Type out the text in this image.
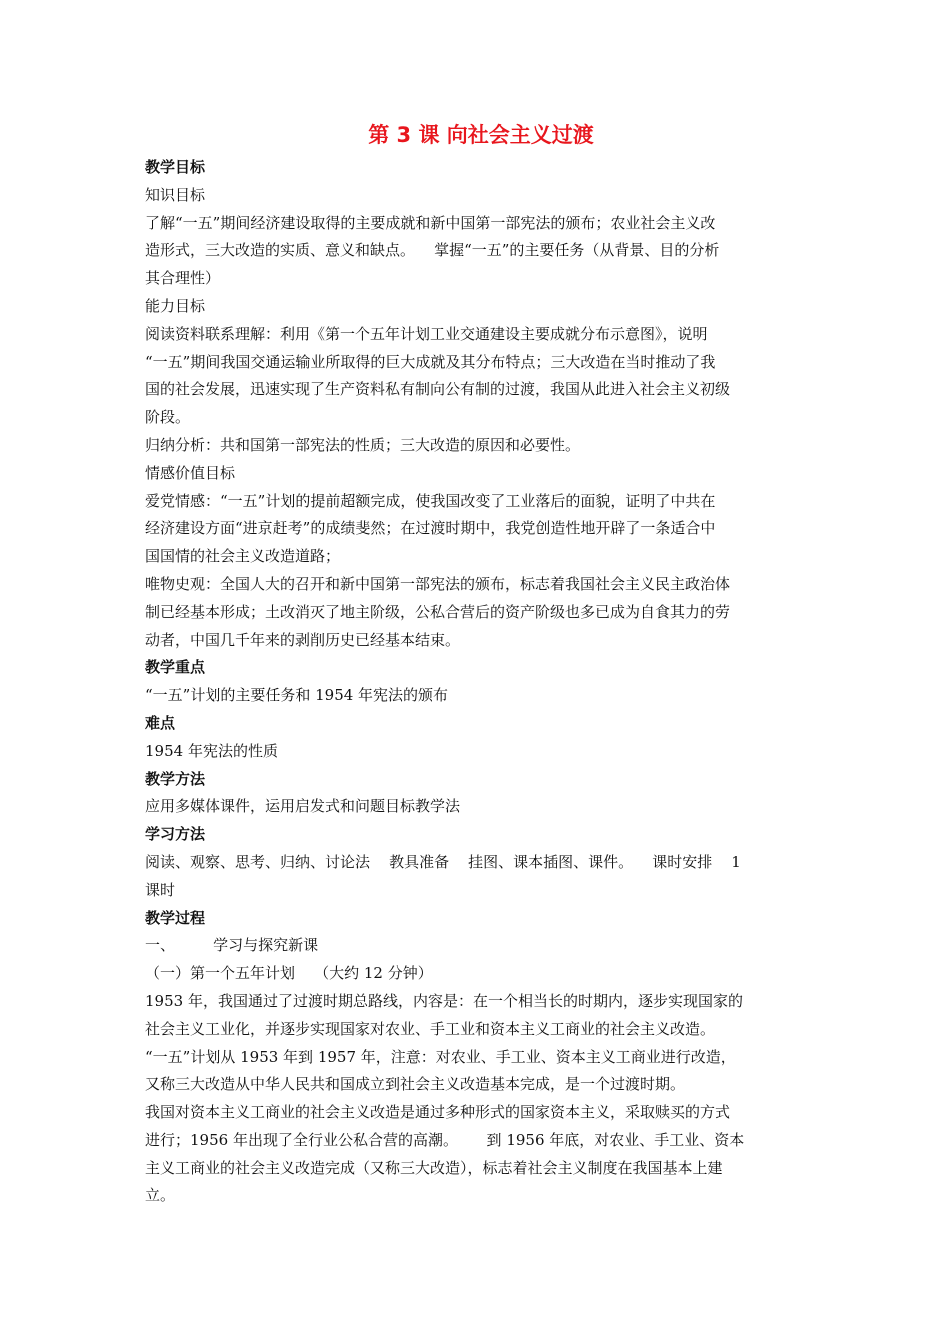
第 3 课 向社会主义过渡

教学目标

知识目标

了解“一五”期间经济建设取得的主要成就和新中国第一部宪法的颁布；农业社会主义改

造形式，三大改造的实质、意义和缺点。    掌握“一五”的主要任务（从背景、目的分析

其合理性）

能力目标

阅读资料联系理解：利用《第一个五年计划工业交通建设主要成就分布示意图》，说明

“一五”期间我国交通运输业所取得的巨大成就及其分布特点；三大改造在当时推动了我

国的社会发展，迅速实现了生产资料私有制向公有制的过渡，我国从此进入社会主义初级

阶段。

归纳分析：共和国第一部宪法的性质；三大改造的原因和必要性。

情感价值目标

爱党情感：“一五”计划的提前超额完成，使我国改变了工业落后的面貌，证明了中共在

经济建设方面“进京赶考”的成绩斐然；在过渡时期中，我党创造性地开辟了一条适合中

国国情的社会主义改造道路；

唯物史观：全国人大的召开和新中国第一部宪法的颁布，标志着我国社会主义民主政治体

制已经基本形成；土改消灭了地主阶级，公私合营后的资产阶级也多已成为自食其力的劳

动者，中国几千年来的剥削历史已经基本结束。

教学重点

“一五”计划的主要任务和 1954 年宪法的颁布

难点

1954 年宪法的性质

教学方法

应用多媒体课件，运用启发式和问题目标教学法

学习方法

阅读、观察、思考、归纳、讨论法    教具准备    挂图、课本插图、课件。    课时安排    1

课时

教学过程

一、        学习与探究新课

（一）第一个五年计划    （大约 12 分钟）

1953 年，我国通过了过渡时期总路线，内容是：在一个相当长的时期内，逐步实现国家的

社会主义工业化，并逐步实现国家对农业、手工业和资本主义工商业的社会主义改造。

“一五”计划从 1953 年到 1957 年，注意：对农业、手工业、资本主义工商业进行改造，

又称三大改造从中华人民共和国成立到社会主义改造基本完成，是一个过渡时期。

我国对资本主义工商业的社会主义改造是通过多种形式的国家资本主义，采取赎买的方式

进行；1956 年出现了全行业公私合营的高潮。      到 1956 年底，对农业、手工业、资本

主义工商业的社会主义改造完成（又称三大改造），标志着社会主义制度在我国基本上建

立。
